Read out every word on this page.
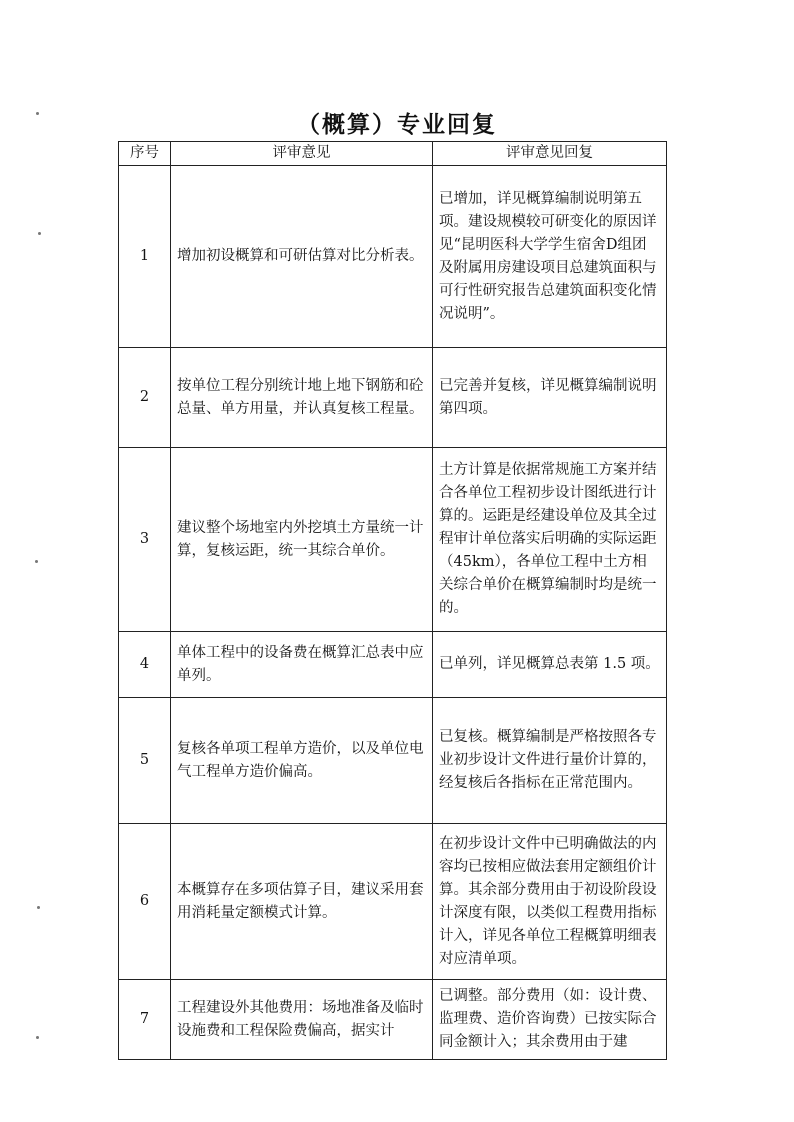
（概算）专业回复
序号	评审意见	评审意见回复
1	增加初设概算和可研估算对比分析表。	已增加，详见概算编制说明第五项。建设规模较可研变化的原因详见“昆明医科大学学生宿舍D组团及附属用房建设项目总建筑面积与可行性研究报告总建筑面积变化情况说明”。
2	按单位工程分别统计地上地下钢筋和砼总量、单方用量，并认真复核工程量。	已完善并复核，详见概算编制说明第四项。
3	建议整个场地室内外挖填土方量统一计算，复核运距，统一其综合单价。	土方计算是依据常规施工方案并结合各单位工程初步设计图纸进行计算的。运距是经建设单位及其全过程审计单位落实后明确的实际运距（45km），各单位工程中土方相关综合单价在概算编制时均是统一的。
4	单体工程中的设备费在概算汇总表中应单列。	已单列，详见概算总表第 1.5 项。
5	复核各单项工程单方造价，以及单位电气工程单方造价偏高。	已复核。概算编制是严格按照各专业初步设计文件进行量价计算的，经复核后各指标在正常范围内。
6	本概算存在多项估算子目，建议采用套用消耗量定额模式计算。	在初步设计文件中已明确做法的内容均已按相应做法套用定额组价计算。其余部分费用由于初设阶段设计深度有限，以类似工程费用指标计入，详见各单位工程概算明细表对应清单项。
7	工程建设外其他费用：场地准备及临时设施费和工程保险费偏高，据实计	已调整。部分费用（如：设计费、监理费、造价咨询费）已按实际合同金额计入；其余费用由于建
